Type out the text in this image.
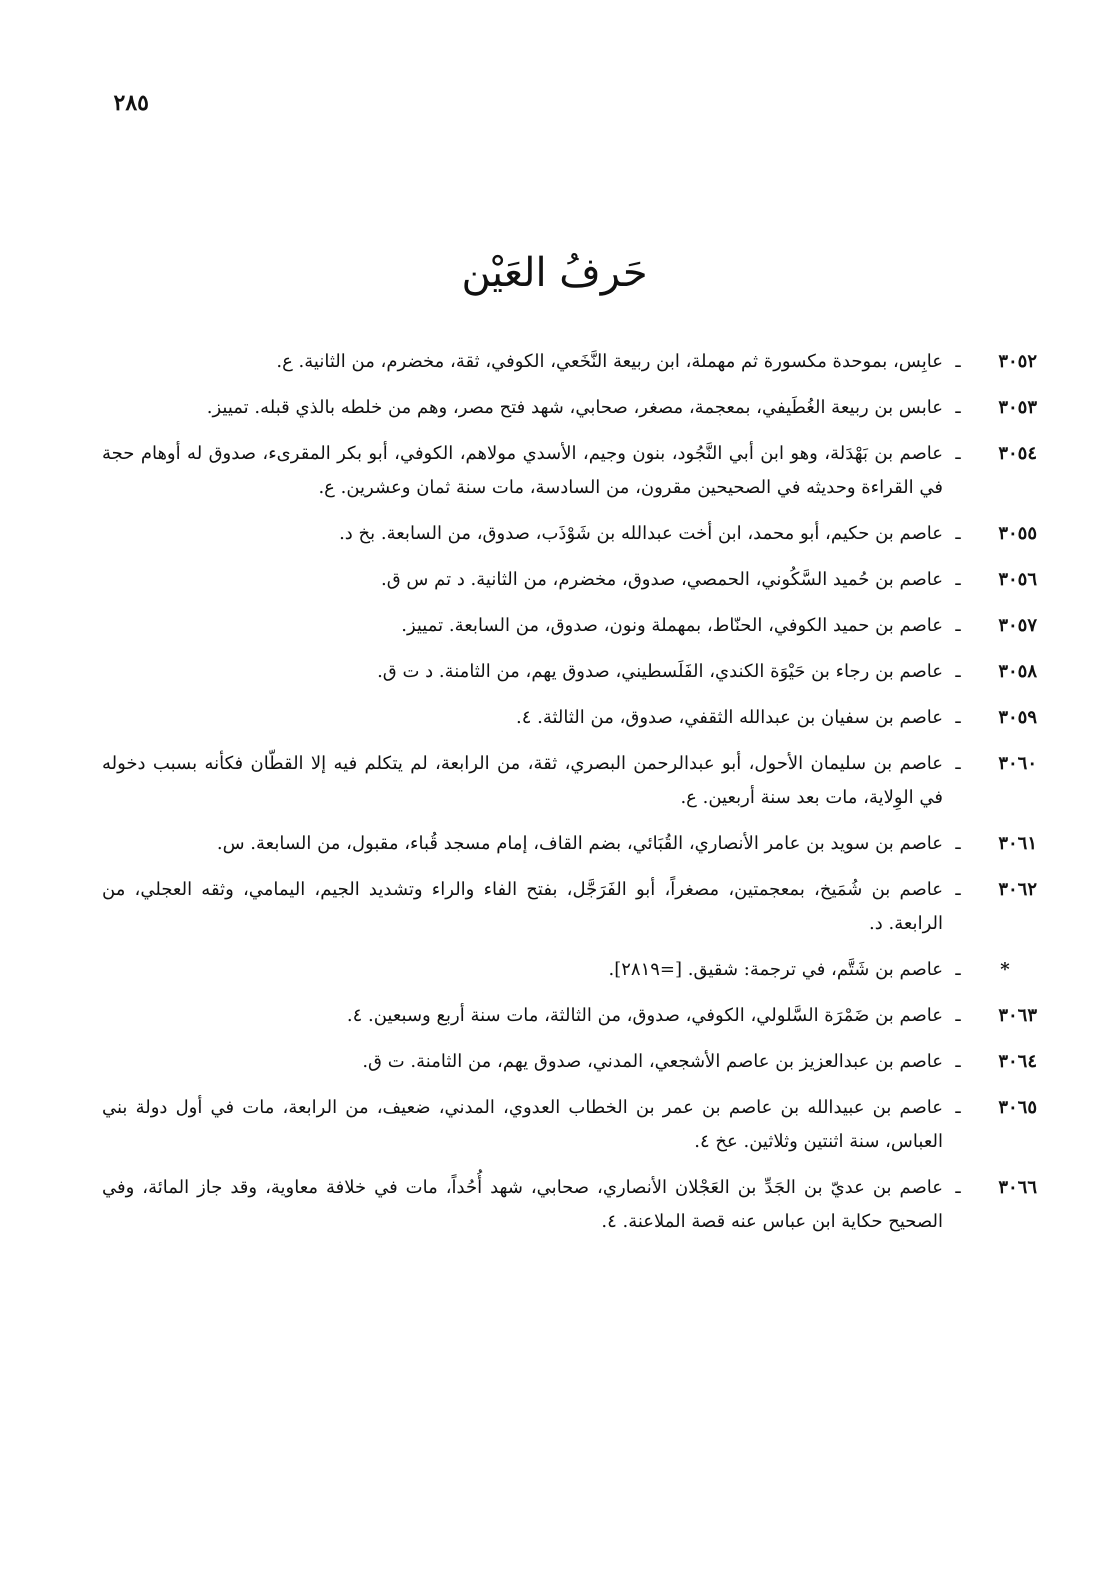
٢٨٥
حَرفُ العَيْن
٣٠٥٢
ـ
عابِس، بموحدة مكسورة ثم مهملة، ابن ربيعة النَّخَعي، الكوفي، ثقة، مخضرم، من الثانية. ع.
٣٠٥٣
ـ
عابس بن ربيعة الغُطَيفي، بمعجمة، مصغر، صحابي، شهد فتح مصر، وهم من خلطه بالذي قبله. تمييز.
٣٠٥٤
ـ
عاصم بن بَهْدَلة، وهو ابن أبي النَّجُود، بنون وجيم، الأسدي مولاهم، الكوفي، أبو بكر المقرىء، صدوق له أوهام حجة في القراءة وحديثه في الصحيحين مقرون، من السادسة، مات سنة ثمان وعشرين. ع.
٣٠٥٥
ـ
عاصم بن حكيم، أبو محمد، ابن أخت عبدالله بن شَوْذَب، صدوق، من السابعة. بخ د.
٣٠٥٦
ـ
عاصم بن حُميد السَّكُوني، الحمصي، صدوق، مخضرم، من الثانية. د تم س ق.
٣٠٥٧
ـ
عاصم بن حميد الكوفي، الحنّاط، بمهملة ونون، صدوق، من السابعة. تمييز.
٣٠٥٨
ـ
عاصم بن رجاء بن حَيْوَة الكندي، الفَلَسطيني، صدوق يهم، من الثامنة. د ت ق.
٣٠٥٩
ـ
عاصم بن سفيان بن عبدالله الثقفي، صدوق، من الثالثة. ٤.
٣٠٦٠
ـ
عاصم بن سليمان الأحول، أبو عبدالرحمن البصري، ثقة، من الرابعة، لم يتكلم فيه إلا القطّان فكأنه بسبب دخوله في الوِلاية، مات بعد سنة أربعين. ع.
٣٠٦١
ـ
عاصم بن سويد بن عامر الأنصاري، القُبَائي، بضم القاف، إمام مسجد قُباء، مقبول، من السابعة. س.
٣٠٦٢
ـ
عاصم بن شُمَيخ، بمعجمتين، مصغراً، أبو الفَرَجَّل، بفتح الفاء والراء وتشديد الجيم، اليمامي، وثقه العجلي، من الرابعة. د.
*
ـ
عاصم بن شَتَّم، في ترجمة: شقيق. [=٢٨١٩].
٣٠٦٣
ـ
عاصم بن ضَمْرَة السَّلولي، الكوفي، صدوق، من الثالثة، مات سنة أربع وسبعين. ٤.
٣٠٦٤
ـ
عاصم بن عبدالعزيز بن عاصم الأشجعي، المدني، صدوق يهم، من الثامنة. ت ق.
٣٠٦٥
ـ
عاصم بن عبيدالله بن عاصم بن عمر بن الخطاب العدوي، المدني، ضعيف، من الرابعة، مات في أول دولة بني العباس، سنة اثنتين وثلاثين. عخ ٤.
٣٠٦٦
ـ
عاصم بن عديّ بن الجَدِّ بن العَجْلان الأنصاري، صحابي، شهد أُحُداً، مات في خلافة معاوية، وقد جاز المائة، وفي الصحيح حكاية ابن عباس عنه قصة الملاعنة. ٤.
